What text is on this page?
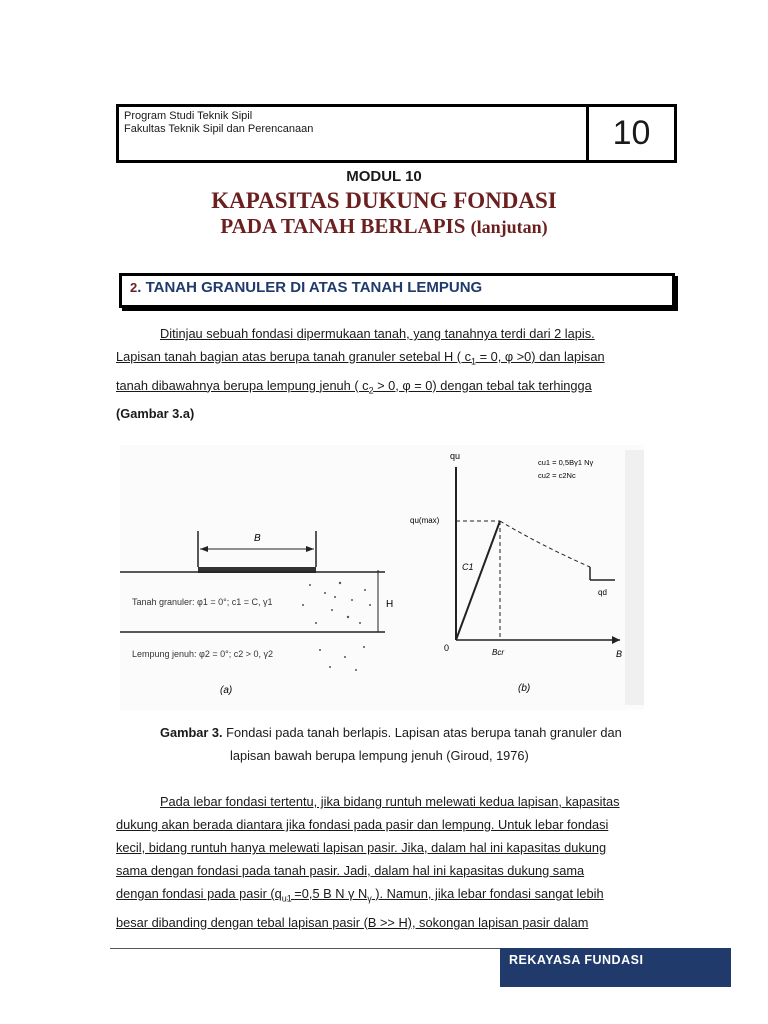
Program Studi Teknik Sipil
Fakultas Teknik Sipil dan Perencanaan	10
MODUL 10
KAPASITAS DUKUNG FONDASI
PADA TANAH BERLAPIS (lanjutan)
2. TANAH GRANULER DI ATAS TANAH LEMPUNG
Ditinjau sebuah fondasi dipermukaan tanah, yang tanahnya terdi dari 2 lapis.
Lapisan tanah bagian atas berupa tanah granuler setebal H ( $c_1 = 0$, φ >0) dan lapisan
tanah dibawahnya berupa lempung jenuh ( $c_2 > 0$, φ = 0) dengan tebal tak terhingga
(Gambar 3.a)
B
H
Tanah granuler: φ1 = 0°; c1 = C, γ1
Lempung jenuh: φ2 = 0°; c2 > 0, γ2
(a)
qu
qu(max)
qd
cu1 = 0,5Bγ1 Nγ
cu2 = c2Nc
C1
0	Bcr	B
(b)
Gambar 3. Fondasi pada tanah berlapis. Lapisan atas berupa tanah granuler dan
lapisan bawah berupa lempung jenuh (Giroud, 1976)
Pada lebar fondasi tertentu, jika bidang runtuh melewati kedua lapisan, kapasitas
dukung akan berada diantara jika fondasi pada pasir dan lempung. Untuk lebar fondasi
kecil, bidang runtuh hanya melewati lapisan pasir. Jika, dalam hal ini kapasitas dukung
sama dengan fondasi pada tanah pasir. Jadi, dalam hal ini kapasitas dukung sama
dengan fondasi pada pasir ($q_{u1} =0,5$ B N γ $N_\gamma$ ). Namun, jika lebar fondasi sangat lebih
besar dibanding dengan tebal lapisan pasir (B >> H), sokongan lapisan pasir dalam
REKAYASA FUNDASI
